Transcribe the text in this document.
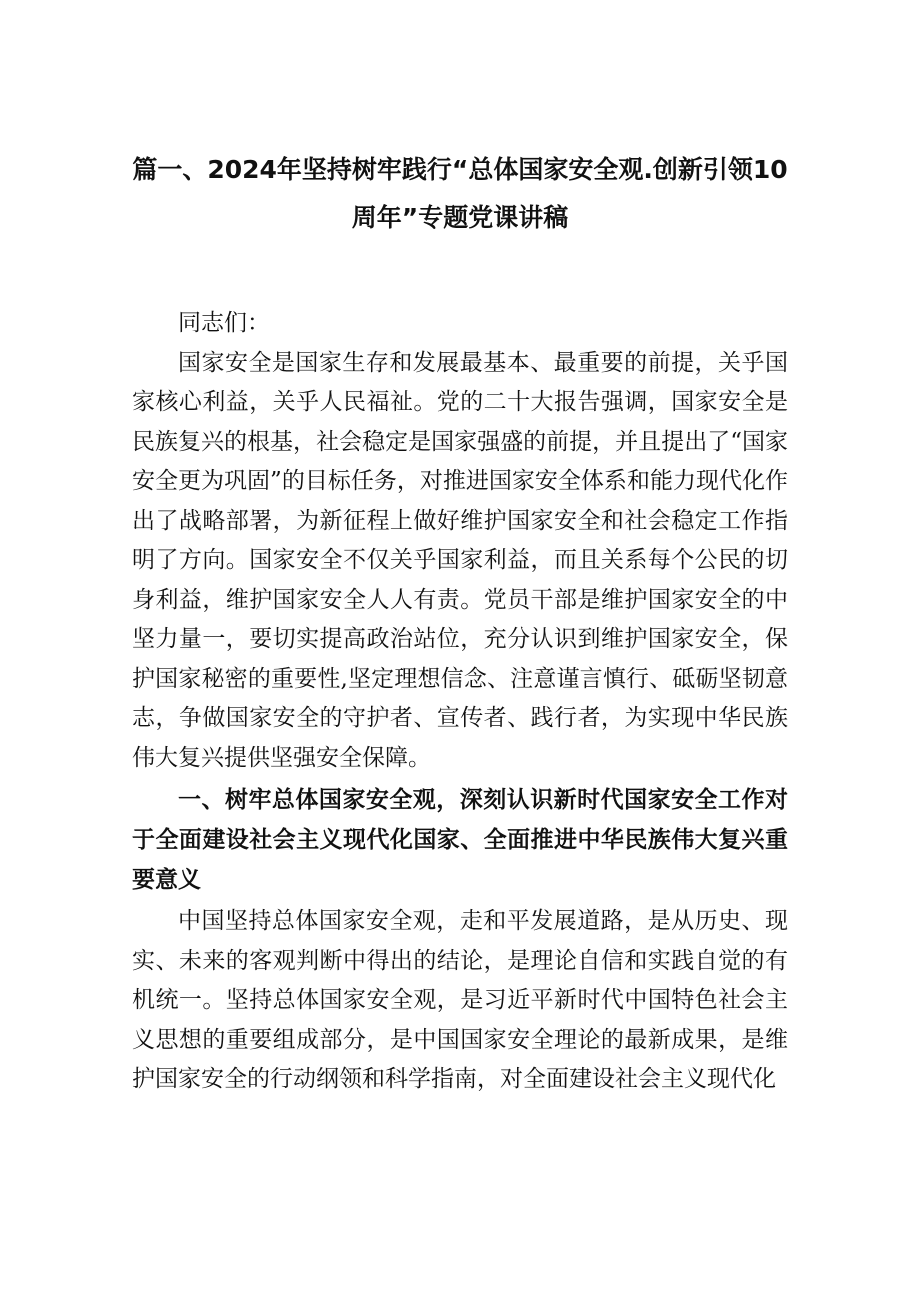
篇一、2024年坚持树牢践行“总体国家安全观.创新引领10
周年”专题党课讲稿

同志们：

国家安全是国家生存和发展最基本、最重要的前提，关乎国家核心利益，关乎人民福祉。党的二十大报告强调，国家安全是民族复兴的根基，社会稳定是国家强盛的前提，并且提出了“国家安全更为巩固”的目标任务，对推进国家安全体系和能力现代化作出了战略部署，为新征程上做好维护国家安全和社会稳定工作指明了方向。国家安全不仅关乎国家利益，而且关系每个公民的切身利益，维护国家安全人人有责。党员干部是维护国家安全的中坚力量一，要切实提高政治站位，充分认识到维护国家安全，保护国家秘密的重要性,坚定理想信念、注意谨言慎行、砥砺坚韧意志，争做国家安全的守护者、宣传者、践行者，为实现中华民族伟大复兴提供坚强安全保障。

一、树牢总体国家安全观，深刻认识新时代国家安全工作对于全面建设社会主义现代化国家、全面推进中华民族伟大复兴重要意义

中国坚持总体国家安全观，走和平发展道路，是从历史、现实、未来的客观判断中得出的结论，是理论自信和实践自觉的有机统一。坚持总体国家安全观，是习近平新时代中国特色社会主义思想的重要组成部分，是中国国家安全理论的最新成果，是维护国家安全的行动纲领和科学指南，对全面建设社会主义现代化
